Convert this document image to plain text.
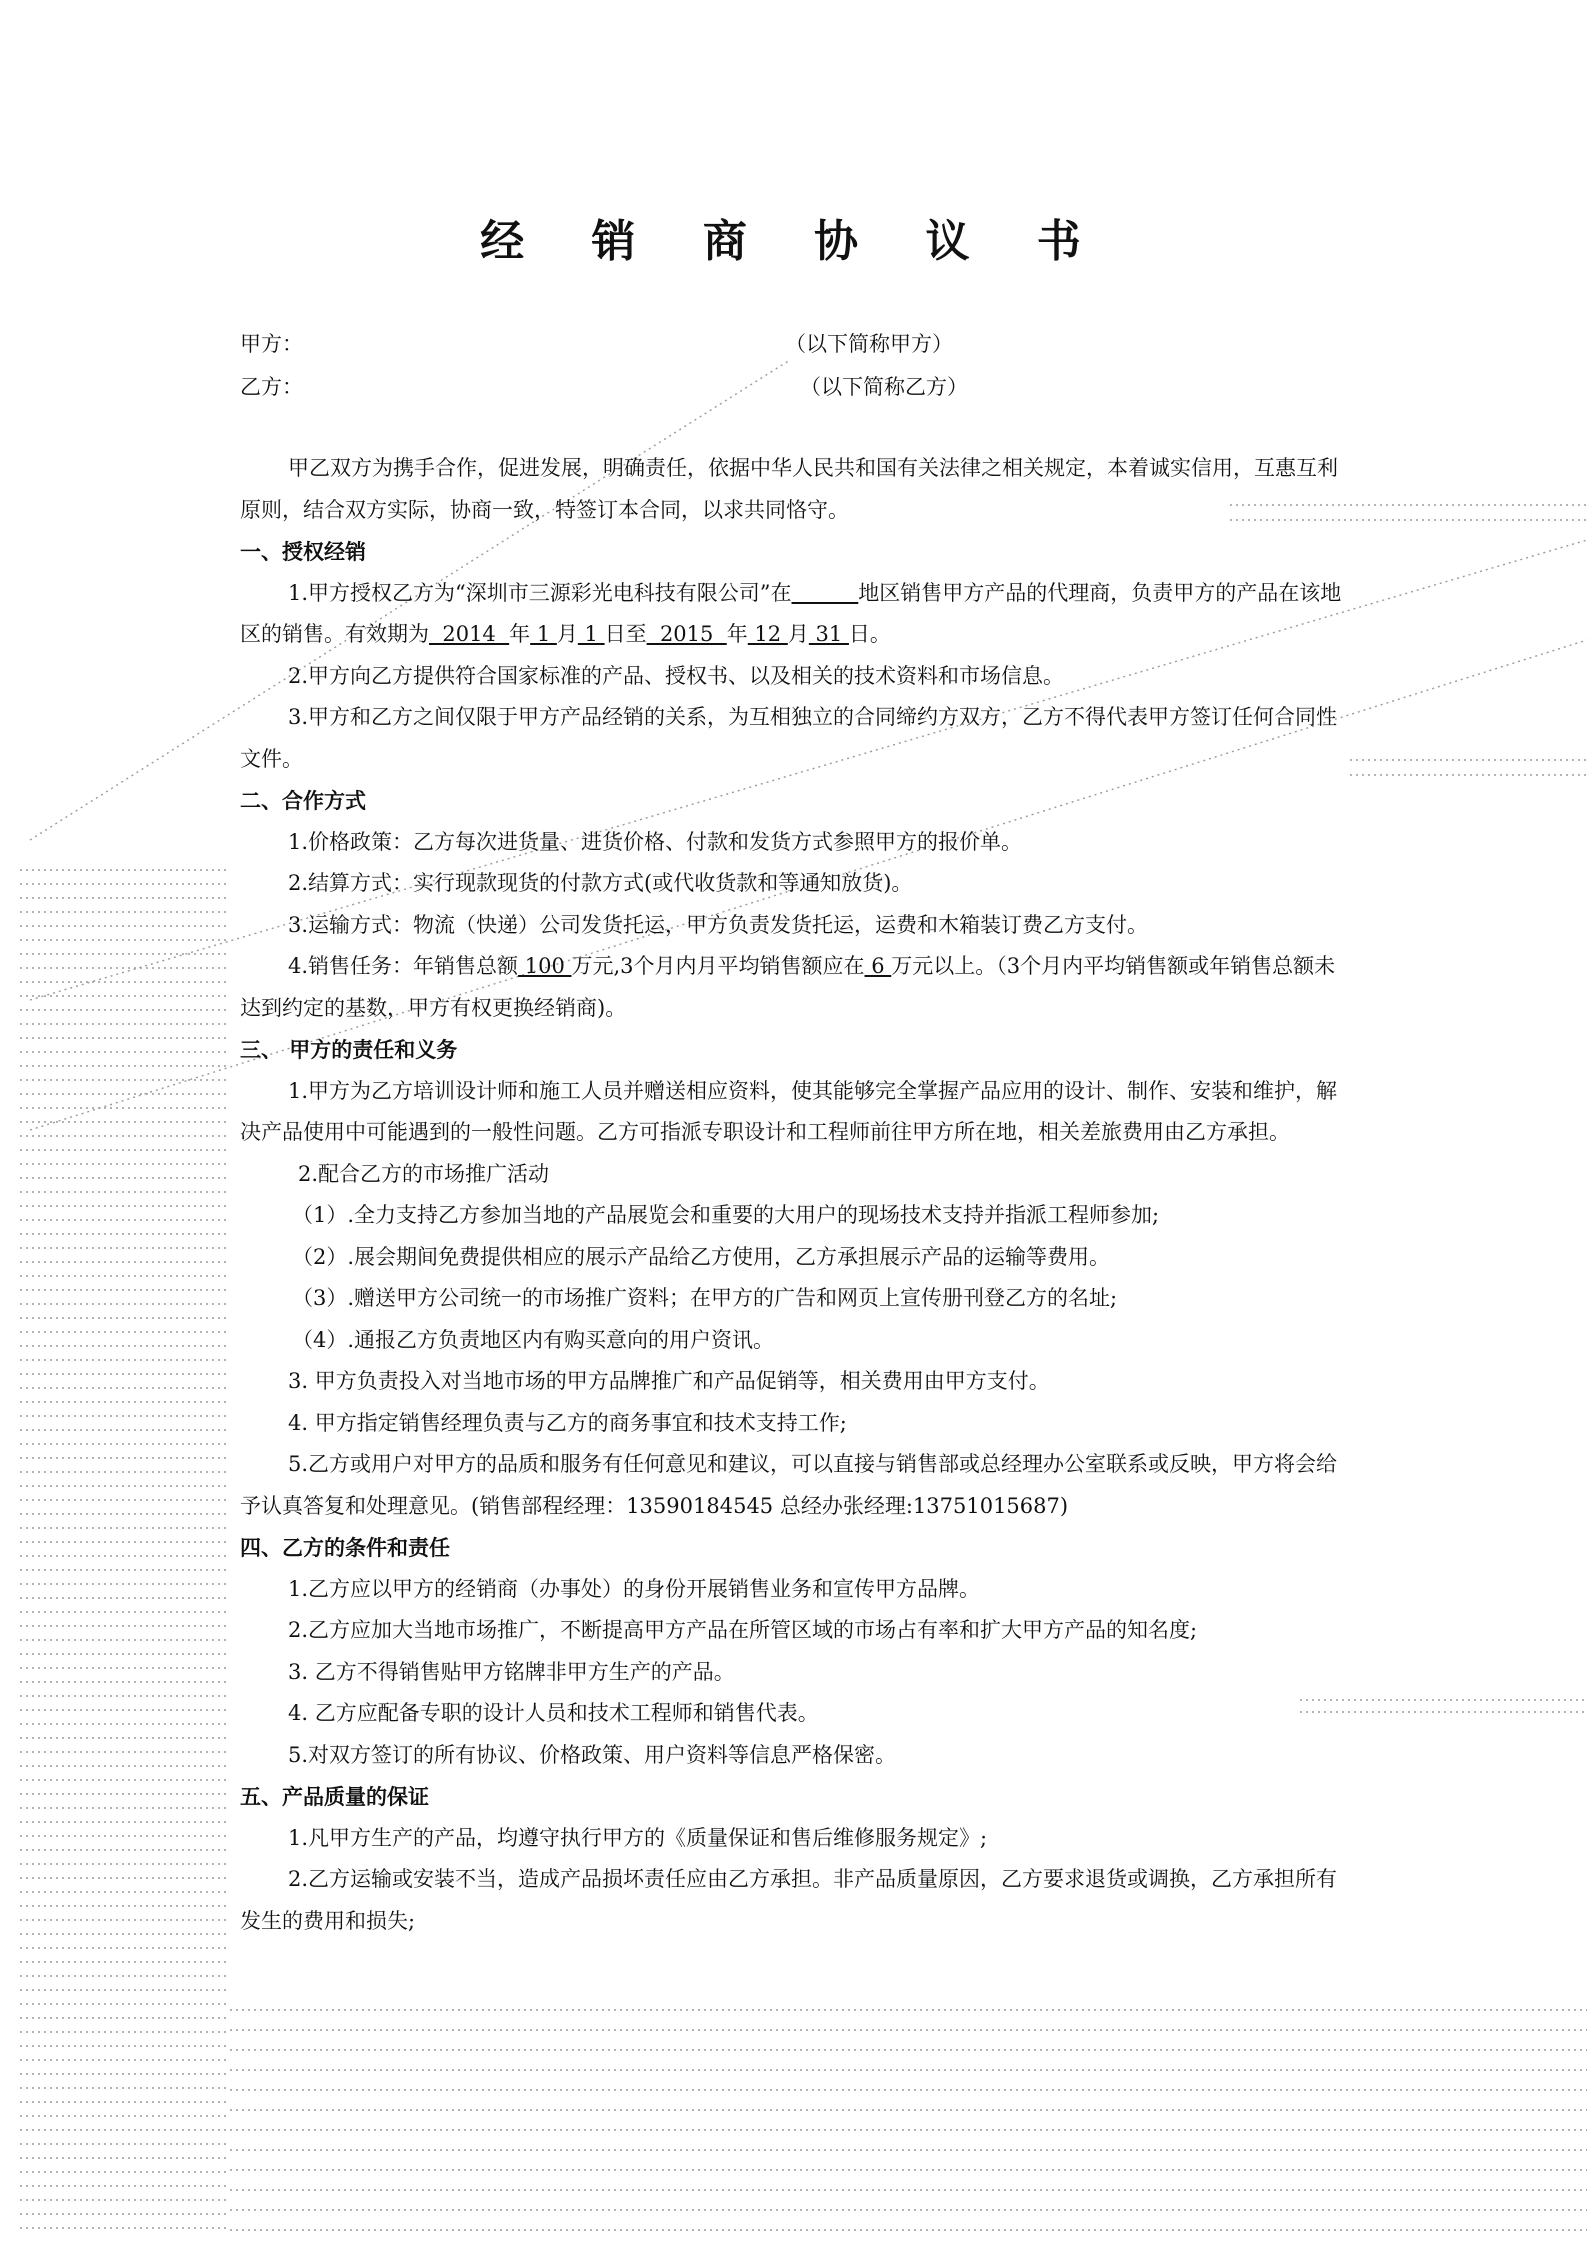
经 销 商 协 议 书
甲方：	（以下简称甲方）
乙方：	（以下简称乙方）

甲乙双方为携手合作，促进发展，明确责任，依据中华人民共和国有关法律之相关规定，本着诚实信用，互惠互利原则，结合双方实际，协商一致，特签订本合同，以求共同恪守。

一、授权经销

1.甲方授权乙方为“深圳市三源彩光电科技有限公司”在	地区销售甲方产品的代理商，负责甲方的产品在该地区的销售。有效期为  2014  年 1 月 1 日至  2015  年 12 月 31 日。

2.甲方向乙方提供符合国家标准的产品、授权书、以及相关的技术资料和市场信息。

3.甲方和乙方之间仅限于甲方产品经销的关系，为互相独立的合同缔约方双方，乙方不得代表甲方签订任何合同性文件。

二、合作方式

1.价格政策：乙方每次进货量、进货价格、付款和发货方式参照甲方的报价单。

2.结算方式：实行现款现货的付款方式(或代收货款和等通知放货)。

3.运输方式：物流（快递）公司发货托运，甲方负责发货托运，运费和木箱装订费乙方支付。

4.销售任务：年销售总额 100 万元,3个月内月平均销售额应在 6 万元以上。（3个月内平均销售额或年销售总额未达到约定的基数，甲方有权更换经销商)。

三、 甲方的责任和义务

1.甲方为乙方培训设计师和施工人员并赠送相应资料，使其能够完全掌握产品应用的设计、制作、安装和维护，解决产品使用中可能遇到的一般性问题。乙方可指派专职设计和工程师前往甲方所在地，相关差旅费用由乙方承担。

2.配合乙方的市场推广活动

（1）.全力支持乙方参加当地的产品展览会和重要的大用户的现场技术支持并指派工程师参加;

（2）.展会期间免费提供相应的展示产品给乙方使用，乙方承担展示产品的运输等费用。

（3）.赠送甲方公司统一的市场推广资料；在甲方的广告和网页上宣传册刊登乙方的名址;

（4）.通报乙方负责地区内有购买意向的用户资讯。

3. 甲方负责投入对当地市场的甲方品牌推广和产品促销等，相关费用由甲方支付。

4. 甲方指定销售经理负责与乙方的商务事宜和技术支持工作;

5.乙方或用户对甲方的品质和服务有任何意见和建议，可以直接与销售部或总经理办公室联系或反映，甲方将会给予认真答复和处理意见。(销售部程经理：13590184545 总经办张经理:13751015687)

四、乙方的条件和责任

1.乙方应以甲方的经销商（办事处）的身份开展销售业务和宣传甲方品牌。

2.乙方应加大当地市场推广，不断提高甲方产品在所管区域的市场占有率和扩大甲方产品的知名度;

3. 乙方不得销售贴甲方铭牌非甲方生产的产品。

4. 乙方应配备专职的设计人员和技术工程师和销售代表。

5.对双方签订的所有协议、价格政策、用户资料等信息严格保密。

五、产品质量的保证

1.凡甲方生产的产品，均遵守执行甲方的《质量保证和售后维修服务规定》;

2.乙方运输或安装不当，造成产品损坏责任应由乙方承担。非产品质量原因，乙方要求退货或调换，乙方承担所有发生的费用和损失;
